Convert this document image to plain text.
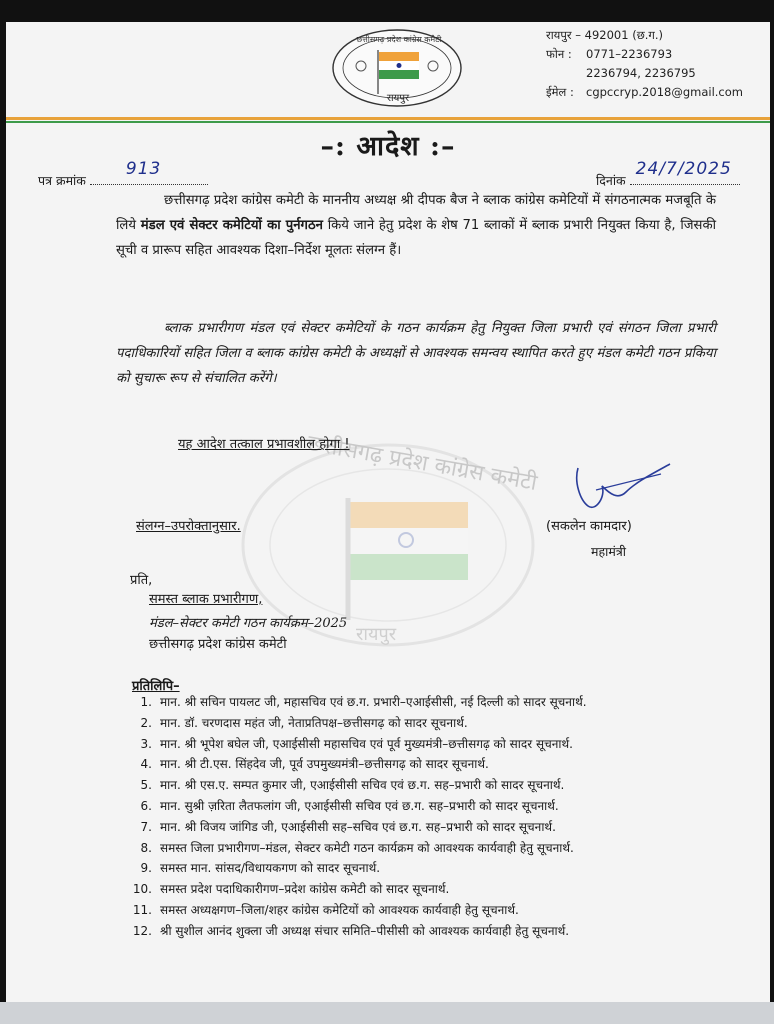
छत्तीसगढ़ प्रदेश कांग्रेस कमेटी
रायपुर
रायपुर – 492001 (छ.ग.)
फोन : 0771–2236793
2236794, 2236795
ईमेल : cgpccryp.2018@gmail.com
–: आदेश :–
पत्र क्रमांक
913
दिनांक
24/7/2025
छत्तीसगढ़ प्रदेश कांग्रेस कमेटी
रायपुर
छत्तीसगढ़ प्रदेश कांग्रेस कमेटी के माननीय अध्यक्ष श्री दीपक बैज ने ब्लाक कांग्रेस कमेटियों में संगठनात्मक मजबूति के लिये मंडल एवं सेक्टर कमेटियों का पुर्नगठन किये जाने हेतु प्रदेश के शेष 71 ब्लाकों में ब्लाक प्रभारी नियुक्त किया है, जिसकी सूची व प्रारूप सहित आवश्यक दिशा–निर्देश मूलतः संलग्न हैं।
ब्लाक प्रभारीगण मंडल एवं सेक्टर कमेटियों के गठन कार्यक्रम हेतु नियुक्त जिला प्रभारी एवं संगठन जिला प्रभारी पदाधिकारियों सहित जिला व ब्लाक कांग्रेस कमेटी के अध्यक्षों से आवश्यक समन्वय स्थापित करते हुए मंडल कमेटी गठन प्रकिया को सुचारू रूप से संचालित करेंगे।
यह आदेश तत्काल प्रभावशील होगा !
संलग्न–उपरोक्तानुसार.	(सकलेन कामदार)
महामंत्री
प्रति,
समस्त ब्लाक प्रभारीगण,
मंडल–सेक्टर कमेटी गठन कार्यक्रम–2025
छत्तीसगढ़ प्रदेश कांग्रेस कमेटी
प्रतिलिपि–
1. मान. श्री सचिन पायलट जी, महासचिव एवं छ.ग. प्रभारी–एआईसीसी, नई दिल्ली को सादर सूचनार्थ.
2. मान. डॉ. चरणदास महंत जी, नेताप्रतिपक्ष–छत्तीसगढ़ को सादर सूचनार्थ.
3. मान. श्री भूपेश बघेल जी, एआईसीसी महासचिव एवं पूर्व मुख्यमंत्री–छत्तीसगढ़ को सादर सूचनार्थ.
4. मान. श्री टी.एस. सिंहदेव जी, पूर्व उपमुख्यमंत्री–छत्तीसगढ़ को सादर सूचनार्थ.
5. मान. श्री एस.ए. सम्पत कुमार जी, एआईसीसी सचिव एवं छ.ग. सह–प्रभारी को सादर सूचनार्थ.
6. मान. सुश्री ज़रिता लैतफलांग जी, एआईसीसी सचिव एवं छ.ग. सह–प्रभारी को सादर सूचनार्थ.
7. मान. श्री विजय जांगिड जी, एआईसीसी सह–सचिव एवं छ.ग. सह–प्रभारी को सादर सूचनार्थ.
8. समस्त जिला प्रभारीगण–मंडल, सेक्टर कमेटी गठन कार्यक्रम को आवश्यक कार्यवाही हेतु सूचनार्थ.
9. समस्त मान. सांसद/विधायकगण को सादर सूचनार्थ.
10. समस्त प्रदेश पदाधिकारीगण–प्रदेश कांग्रेस कमेटी को सादर सूचनार्थ.
11. समस्त अध्यक्षगण–जिला/शहर कांग्रेस कमेटियों को आवश्यक कार्यवाही हेतु सूचनार्थ.
12. श्री सुशील आनंद शुक्ला जी अध्यक्ष संचार समिति–पीसीसी को आवश्यक कार्यवाही हेतु सूचनार्थ.
